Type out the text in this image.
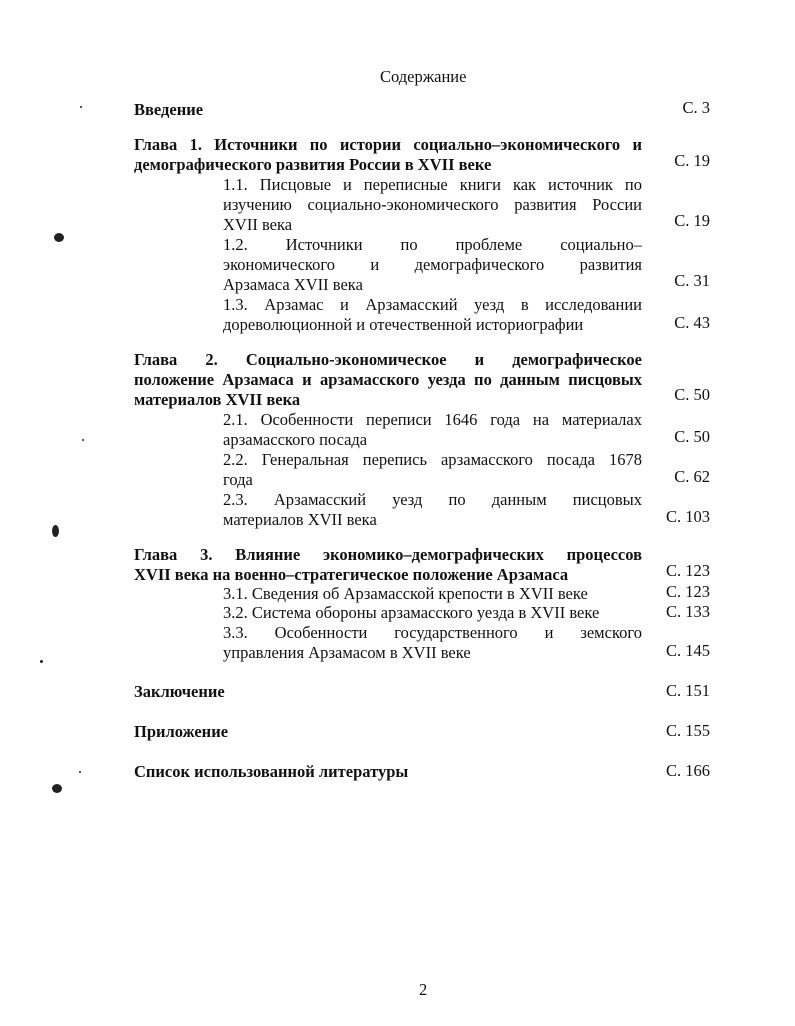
Содержание
Введение	С. 3
Глава 1. Источники по истории социально–экономического и
демографического развития России в XVII веке	С. 19
1.1. Писцовые и переписные книги как источник по
изучению социально-экономического развития России
XVII века	С. 19
1.2. Источники по проблеме социально–
экономического и демографического развития
Арзамаса XVII века	С. 31
1.3. Арзамас и Арзамасский уезд в исследовании
дореволюционной и отечественной историографии	С. 43
Глава 2. Социально-экономическое и демографическое
положение Арзамаса и арзамасского уезда по данным писцовых
материалов XVII века	С. 50
2.1. Особенности переписи 1646 года на материалах
арзамасского посада	С. 50
2.2. Генеральная перепись арзамасского посада 1678
года	С. 62
2.3. Арзамасский уезд по данным писцовых
материалов XVII века	С. 103
Глава 3. Влияние экономико–демографических процессов
XVII века на военно–стратегическое положение Арзамаса	С. 123
3.1. Сведения об Арзамасской крепости в XVII веке	С. 123
3.2. Система обороны арзамасского уезда в XVII веке	С. 133
3.3. Особенности государственного и земского
управления Арзамасом в XVII веке	С. 145
Заключение	С. 151
Приложение	С. 155
Список использованной литературы	С. 166
2
